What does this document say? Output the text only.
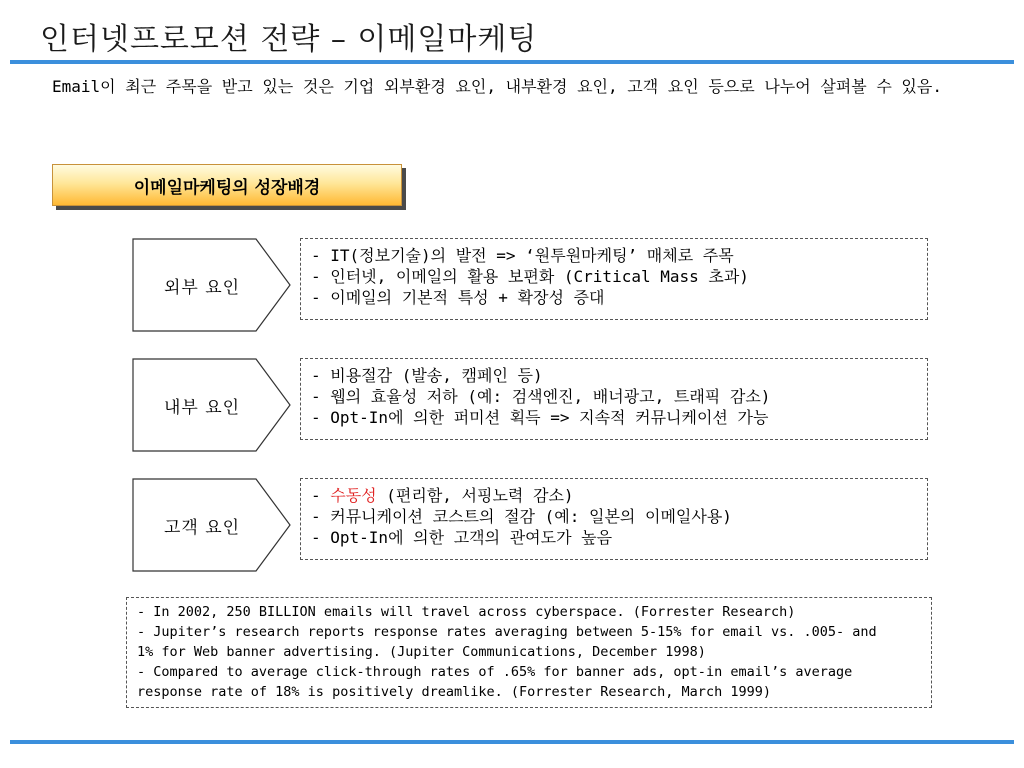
인터넷프로모션 전략 – 이메일마케팅
Email이 최근 주목을 받고 있는 것은 기업 외부환경 요인, 내부환경 요인, 고객 요인 등으로 나누어 살펴볼 수 있음.
이메일마케팅의 성장배경
외부 요인
- IT(정보기술)의 발전 => ‘원투원마케팅’ 매체로 주목
- 인터넷, 이메일의 활용 보편화 (Critical Mass 초과)
- 이메일의 기본적 특성 + 확장성 증대
내부 요인
- 비용절감 (발송, 캠페인 등)
- 웹의 효율성 저하 (예: 검색엔진, 배너광고, 트래픽 감소)
- Opt-In에 의한 퍼미션 획득 => 지속적 커뮤니케이션 가능
고객 요인
- 수동성 (편리함, 서핑노력 감소)
- 커뮤니케이션 코스트의 절감 (예: 일본의 이메일사용)
- Opt-In에 의한 고객의 관여도가 높음
- In 2002, 250 BILLION emails will travel across cyberspace. (Forrester Research)
- Jupiter’s research reports response rates averaging between 5-15% for email vs. .005- and
1% for Web banner advertising. (Jupiter Communications, December 1998)
- Compared to average click-through rates of .65% for banner ads, opt-in email’s average
response rate of 18% is positively dreamlike. (Forrester Research, March 1999)
